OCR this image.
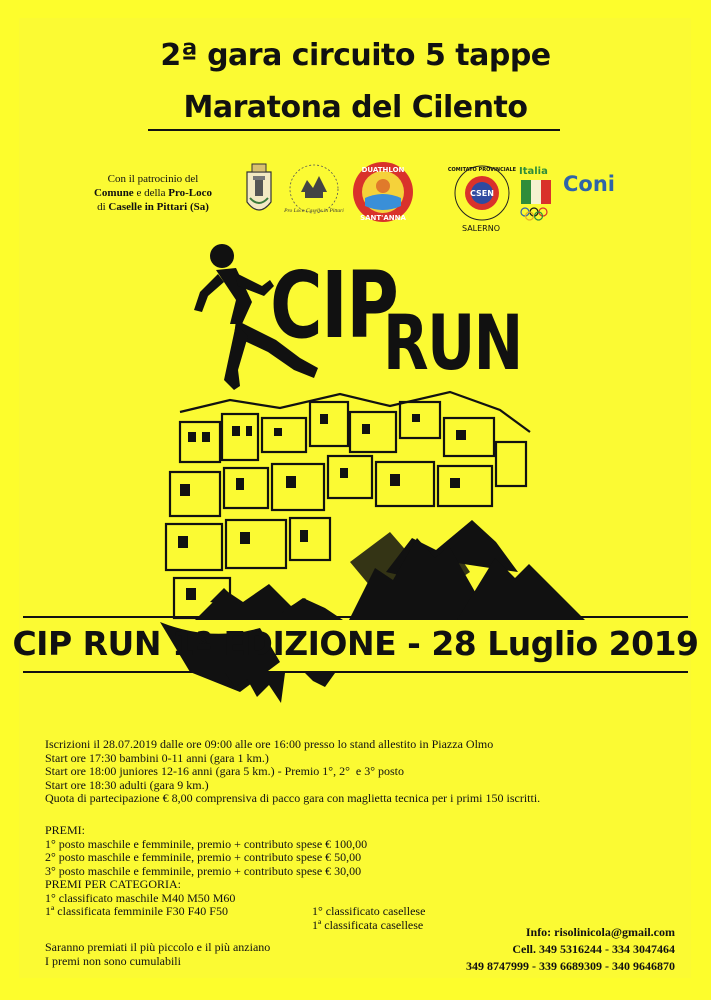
2ª gara circuito 5 tappe
Maratona del Cilento
Con il patrocinio del
Comune e della Pro-Loco
di Caselle in Pittari (Sa)	Pro Loco Caselle in Pittari
DUATHLON
SANT'ANNA
CSEN
COMITATO PROVINCIALE
SALERNO
Italia
Coni
CIP
RUN
CIP RUN 1ª EDIZIONE - 28 Luglio 2019
Iscrizioni il 28.07.2019 dalle ore 09:00 alle ore 16:00 presso lo stand allestito in Piazza Olmo
Start ore 17:30 bambini 0-11 anni (gara 1 km.)
Start ore 18:00 juniores 12-16 anni (gara 5 km.) - Premio 1°, 2°  e 3° posto
Start ore 18:30 adulti (gara 9 km.)
Quota di partecipazione € 8,00 comprensiva di pacco gara con maglietta tecnica per i primi 150 iscritti.
PREMI:
1° posto maschile e femminile, premio + contributo spese € 100,00
2° posto maschile e femminile, premio + contributo spese € 50,00
3° posto maschile e femminile, premio + contributo spese € 30,00
PREMI PER CATEGORIA:
1° classificato maschile M40 M50 M60
1ª classificata femminile F30 F40 F50	1° classificato casellese
1ª classificata casellese
Saranno premiati il più piccolo e il più anziano
I premi non sono cumulabili
Info: risolinicola@gmail.com
Cell. 349 5316244 - 334 3047464
349 8747999 - 339 6689309 - 340 9646870
